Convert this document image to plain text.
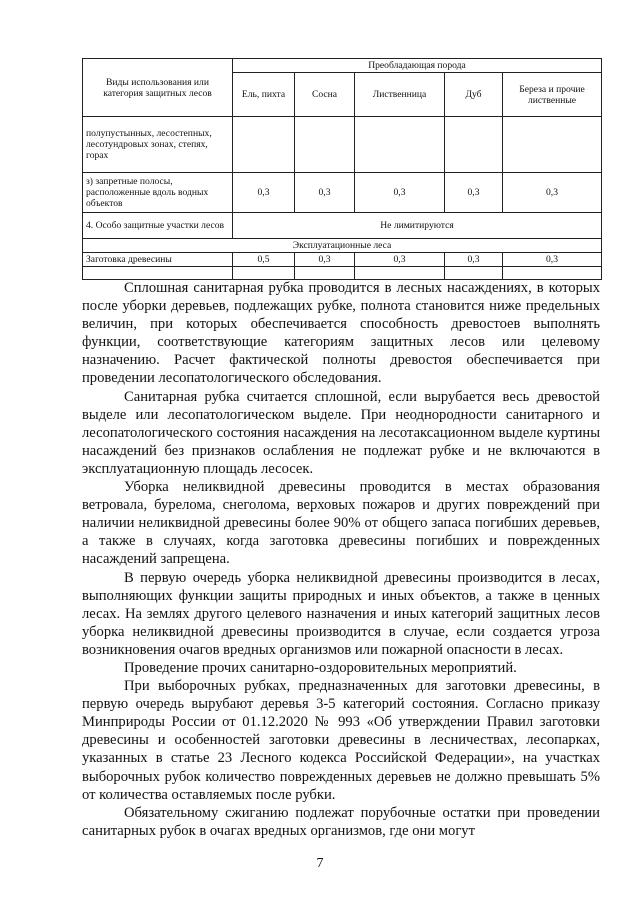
Виды использования или категория защитных лесов	Преобладающая порода				
	Ель, пихта	Сосна	Лиственница	Дуб	Береза и прочие лиственные
полупустынных, лесостепных, лесотундровых зонах, степях, горах					
з) запретные полосы, расположенные вдоль водных объектов	0,3	0,3	0,3	0,3	0,3
4. Особо защитные участки лесов	Не лимитируются				
Эксплуатационные леса					
Заготовка древесины	0,5	0,3	0,3	0,3	0,3

Сплошная санитарная рубка проводится в лесных насаждениях, в которых после уборки деревьев, подлежащих рубке, полнота становится ниже предельных величин, при которых обеспечивается способность древостоев выполнять функции, соответствующие категориям защитных лесов или целевому назначению. Расчет фактической полноты древостоя обеспечивается при проведении лесопатологического обследования.

Санитарная рубка считается сплошной, если вырубается весь древостой выделе или лесопатологическом выделе. При неоднородности санитарного и лесопатологического состояния насаждения на лесотаксационном выделе куртины насаждений без признаков ослабления не подлежат рубке и не включаются в эксплуатационную площадь лесосек.

Уборка неликвидной древесины проводится в местах образования ветровала, бурелома, снеголома, верховых пожаров и других повреждений при наличии неликвидной древесины более 90% от общего запаса погибших деревьев, а также в случаях, когда заготовка древесины погибших и поврежденных насаждений запрещена.

В первую очередь уборка неликвидной древесины производится в лесах, выполняющих функции защиты природных и иных объектов, а также в ценных лесах. На землях другого целевого назначения и иных категорий защитных лесов уборка неликвидной древесины производится в случае, если создается угроза возникновения очагов вредных организмов или пожарной опасности в лесах.

Проведение прочих санитарно-оздоровительных мероприятий.

При выборочных рубках, предназначенных для заготовки древесины, в первую очередь вырубают деревья 3-5 категорий состояния. Согласно приказу Минприроды России от 01.12.2020 № 993 «Об утверждении Правил заготовки древесины и особенностей заготовки древесины в лесничествах, лесопарках, указанных в статье 23 Лесного кодекса Российской Федерации», на участках выборочных рубок количество поврежденных деревьев не должно превышать 5% от количества оставляемых после рубки.

Обязательному сжиганию подлежат порубочные остатки при проведении санитарных рубок в очагах вредных организмов, где они могут

7
